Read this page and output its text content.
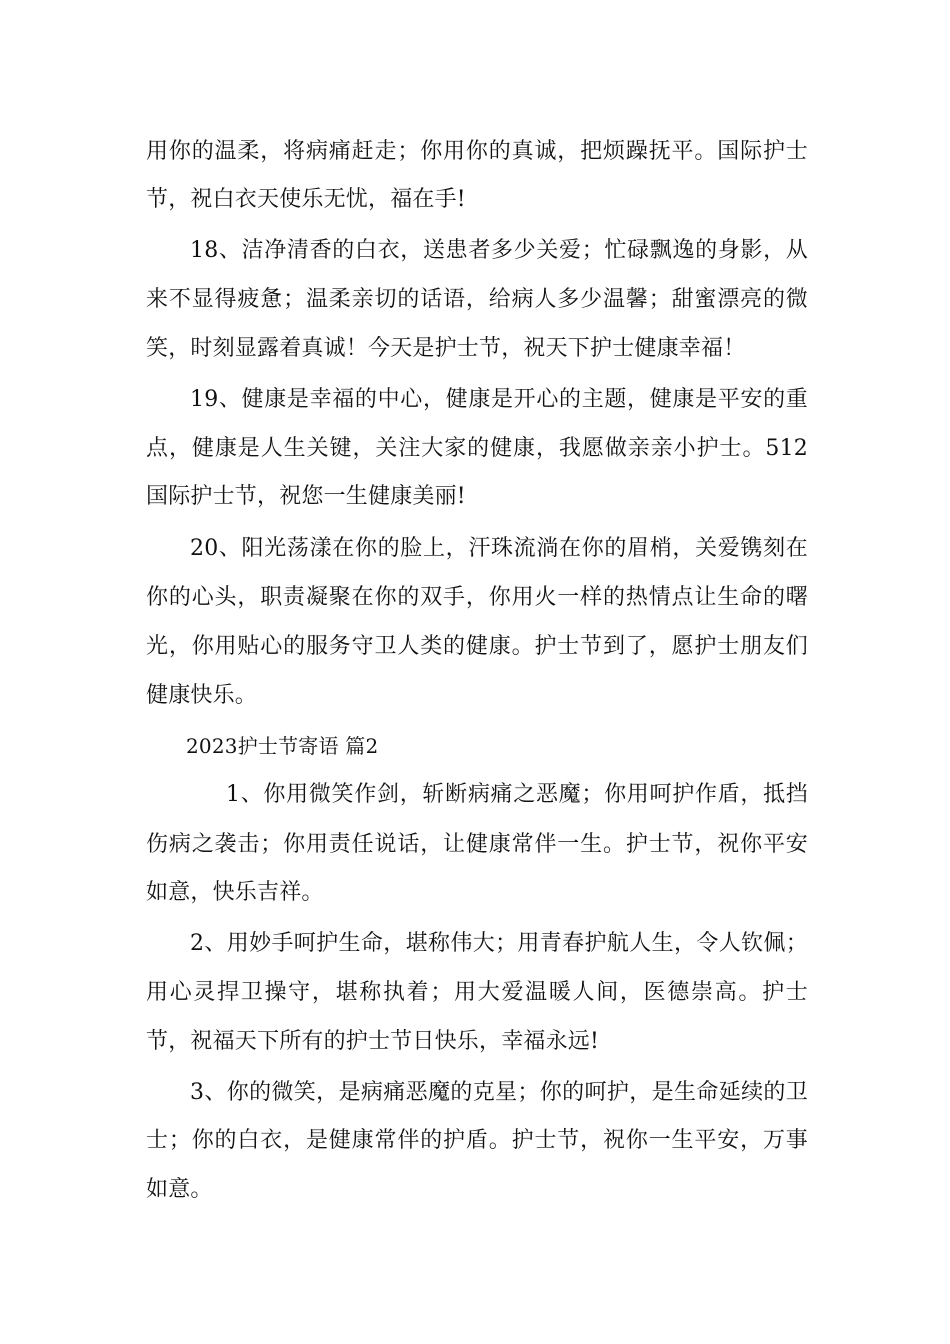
用你的温柔，将病痛赶走；你用你的真诚，把烦躁抚平。国际护士
节，祝白衣天使乐无忧，福在手!
18、洁净清香的白衣，送患者多少关爱；忙碌飘逸的身影，从
来不显得疲惫；温柔亲切的话语，给病人多少温馨；甜蜜漂亮的微
笑，时刻显露着真诚！今天是护士节，祝天下护士健康幸福！
19、健康是幸福的中心，健康是开心的主题，健康是平安的重
点，健康是人生关键，关注大家的健康，我愿做亲亲小护士。512
国际护士节，祝您一生健康美丽!
20、阳光荡漾在你的脸上，汗珠流淌在你的眉梢，关爱镌刻在
你的心头，职责凝聚在你的双手，你用火一样的热情点让生命的曙
光，你用贴心的服务守卫人类的健康。护士节到了，愿护士朋友们
健康快乐。
2023护士节寄语 篇2
1、你用微笑作剑，斩断病痛之恶魔；你用呵护作盾，抵挡
伤病之袭击；你用责任说话，让健康常伴一生。护士节，祝你平安
如意，快乐吉祥。
2、用妙手呵护生命，堪称伟大；用青春护航人生，令人钦佩；
用心灵捍卫操守，堪称执着；用大爱温暖人间，医德崇高。护士
节，祝福天下所有的护士节日快乐，幸福永远!
3、你的微笑，是病痛恶魔的克星；你的呵护，是生命延续的卫
士；你的白衣，是健康常伴的护盾。护士节，祝你一生平安，万事
如意。
